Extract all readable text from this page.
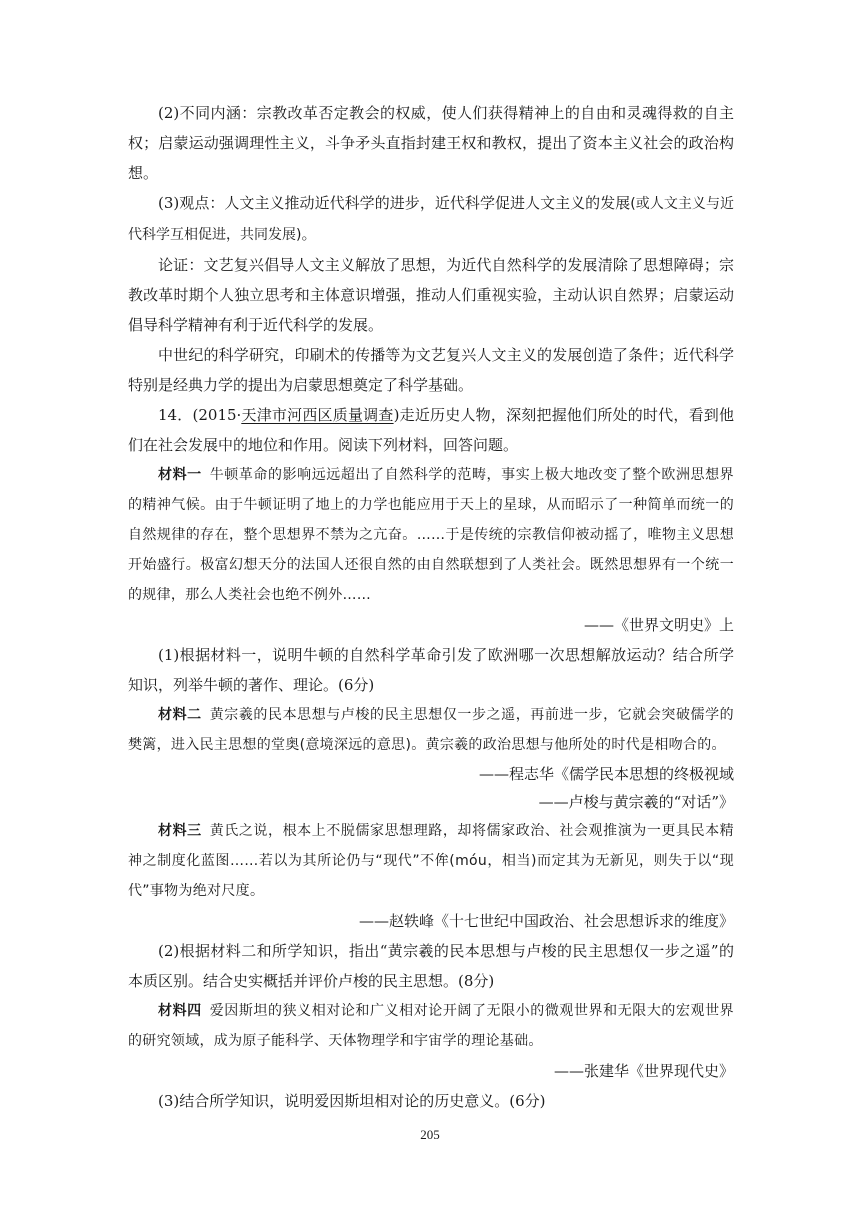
(2)不同内涵：宗教改革否定教会的权威，使人们获得精神上的自由和灵魂得救的自主权；启蒙运动强调理性主义，斗争矛头直指封建王权和教权，提出了资本主义社会的政治构想。

(3)观点：人文主义推动近代科学的进步，近代科学促进人文主义的发展(或人文主义与近代科学互相促进，共同发展)。

论证：文艺复兴倡导人文主义解放了思想，为近代自然科学的发展清除了思想障碍；宗教改革时期个人独立思考和主体意识增强，推动人们重视实验，主动认识自然界；启蒙运动倡导科学精神有利于近代科学的发展。

中世纪的科学研究，印刷术的传播等为文艺复兴人文主义的发展创造了条件；近代科学特别是经典力学的提出为启蒙思想奠定了科学基础。

14．(2015·天津市河西区质量调查)走近历史人物，深刻把握他们所处的时代，看到他们在社会发展中的地位和作用。阅读下列材料，回答问题。

材料一 牛顿革命的影响远远超出了自然科学的范畴，事实上极大地改变了整个欧洲思想界的精神气候。由于牛顿证明了地上的力学也能应用于天上的星球，从而昭示了一种简单而统一的自然规律的存在，整个思想界不禁为之亢奋。……于是传统的宗教信仰被动摇了，唯物主义思想开始盛行。极富幻想天分的法国人还很自然的由自然联想到了人类社会。既然思想界有一个统一的规律，那么人类社会也绝不例外……

——《世界文明史》上

(1)根据材料一，说明牛顿的自然科学革命引发了欧洲哪一次思想解放运动？结合所学知识，列举牛顿的著作、理论。(6分)

材料二 黄宗羲的民本思想与卢梭的民主思想仅一步之遥，再前进一步，它就会突破儒学的樊篱，进入民主思想的堂奥(意境深远的意思)。黄宗羲的政治思想与他所处的时代是相吻合的。

——程志华《儒学民本思想的终极视域

——卢梭与黄宗羲的“对话”》

材料三 黄氏之说，根本上不脱儒家思想理路，却将儒家政治、社会观推演为一更具民本精神之制度化蓝图……若以为其所论仍与“现代”不侔(móu，相当)而定其为无新见，则失于以“现代”事物为绝对尺度。

——赵轶峰《十七世纪中国政治、社会思想诉求的维度》

(2)根据材料二和所学知识，指出“黄宗羲的民本思想与卢梭的民主思想仅一步之遥”的本质区别。结合史实概括并评价卢梭的民主思想。(8分)

材料四 爱因斯坦的狭义相对论和广义相对论开阔了无限小的微观世界和无限大的宏观世界的研究领域，成为原子能科学、天体物理学和宇宙学的理论基础。

——张建华《世界现代史》

(3)结合所学知识，说明爱因斯坦相对论的历史意义。(6分)

205
